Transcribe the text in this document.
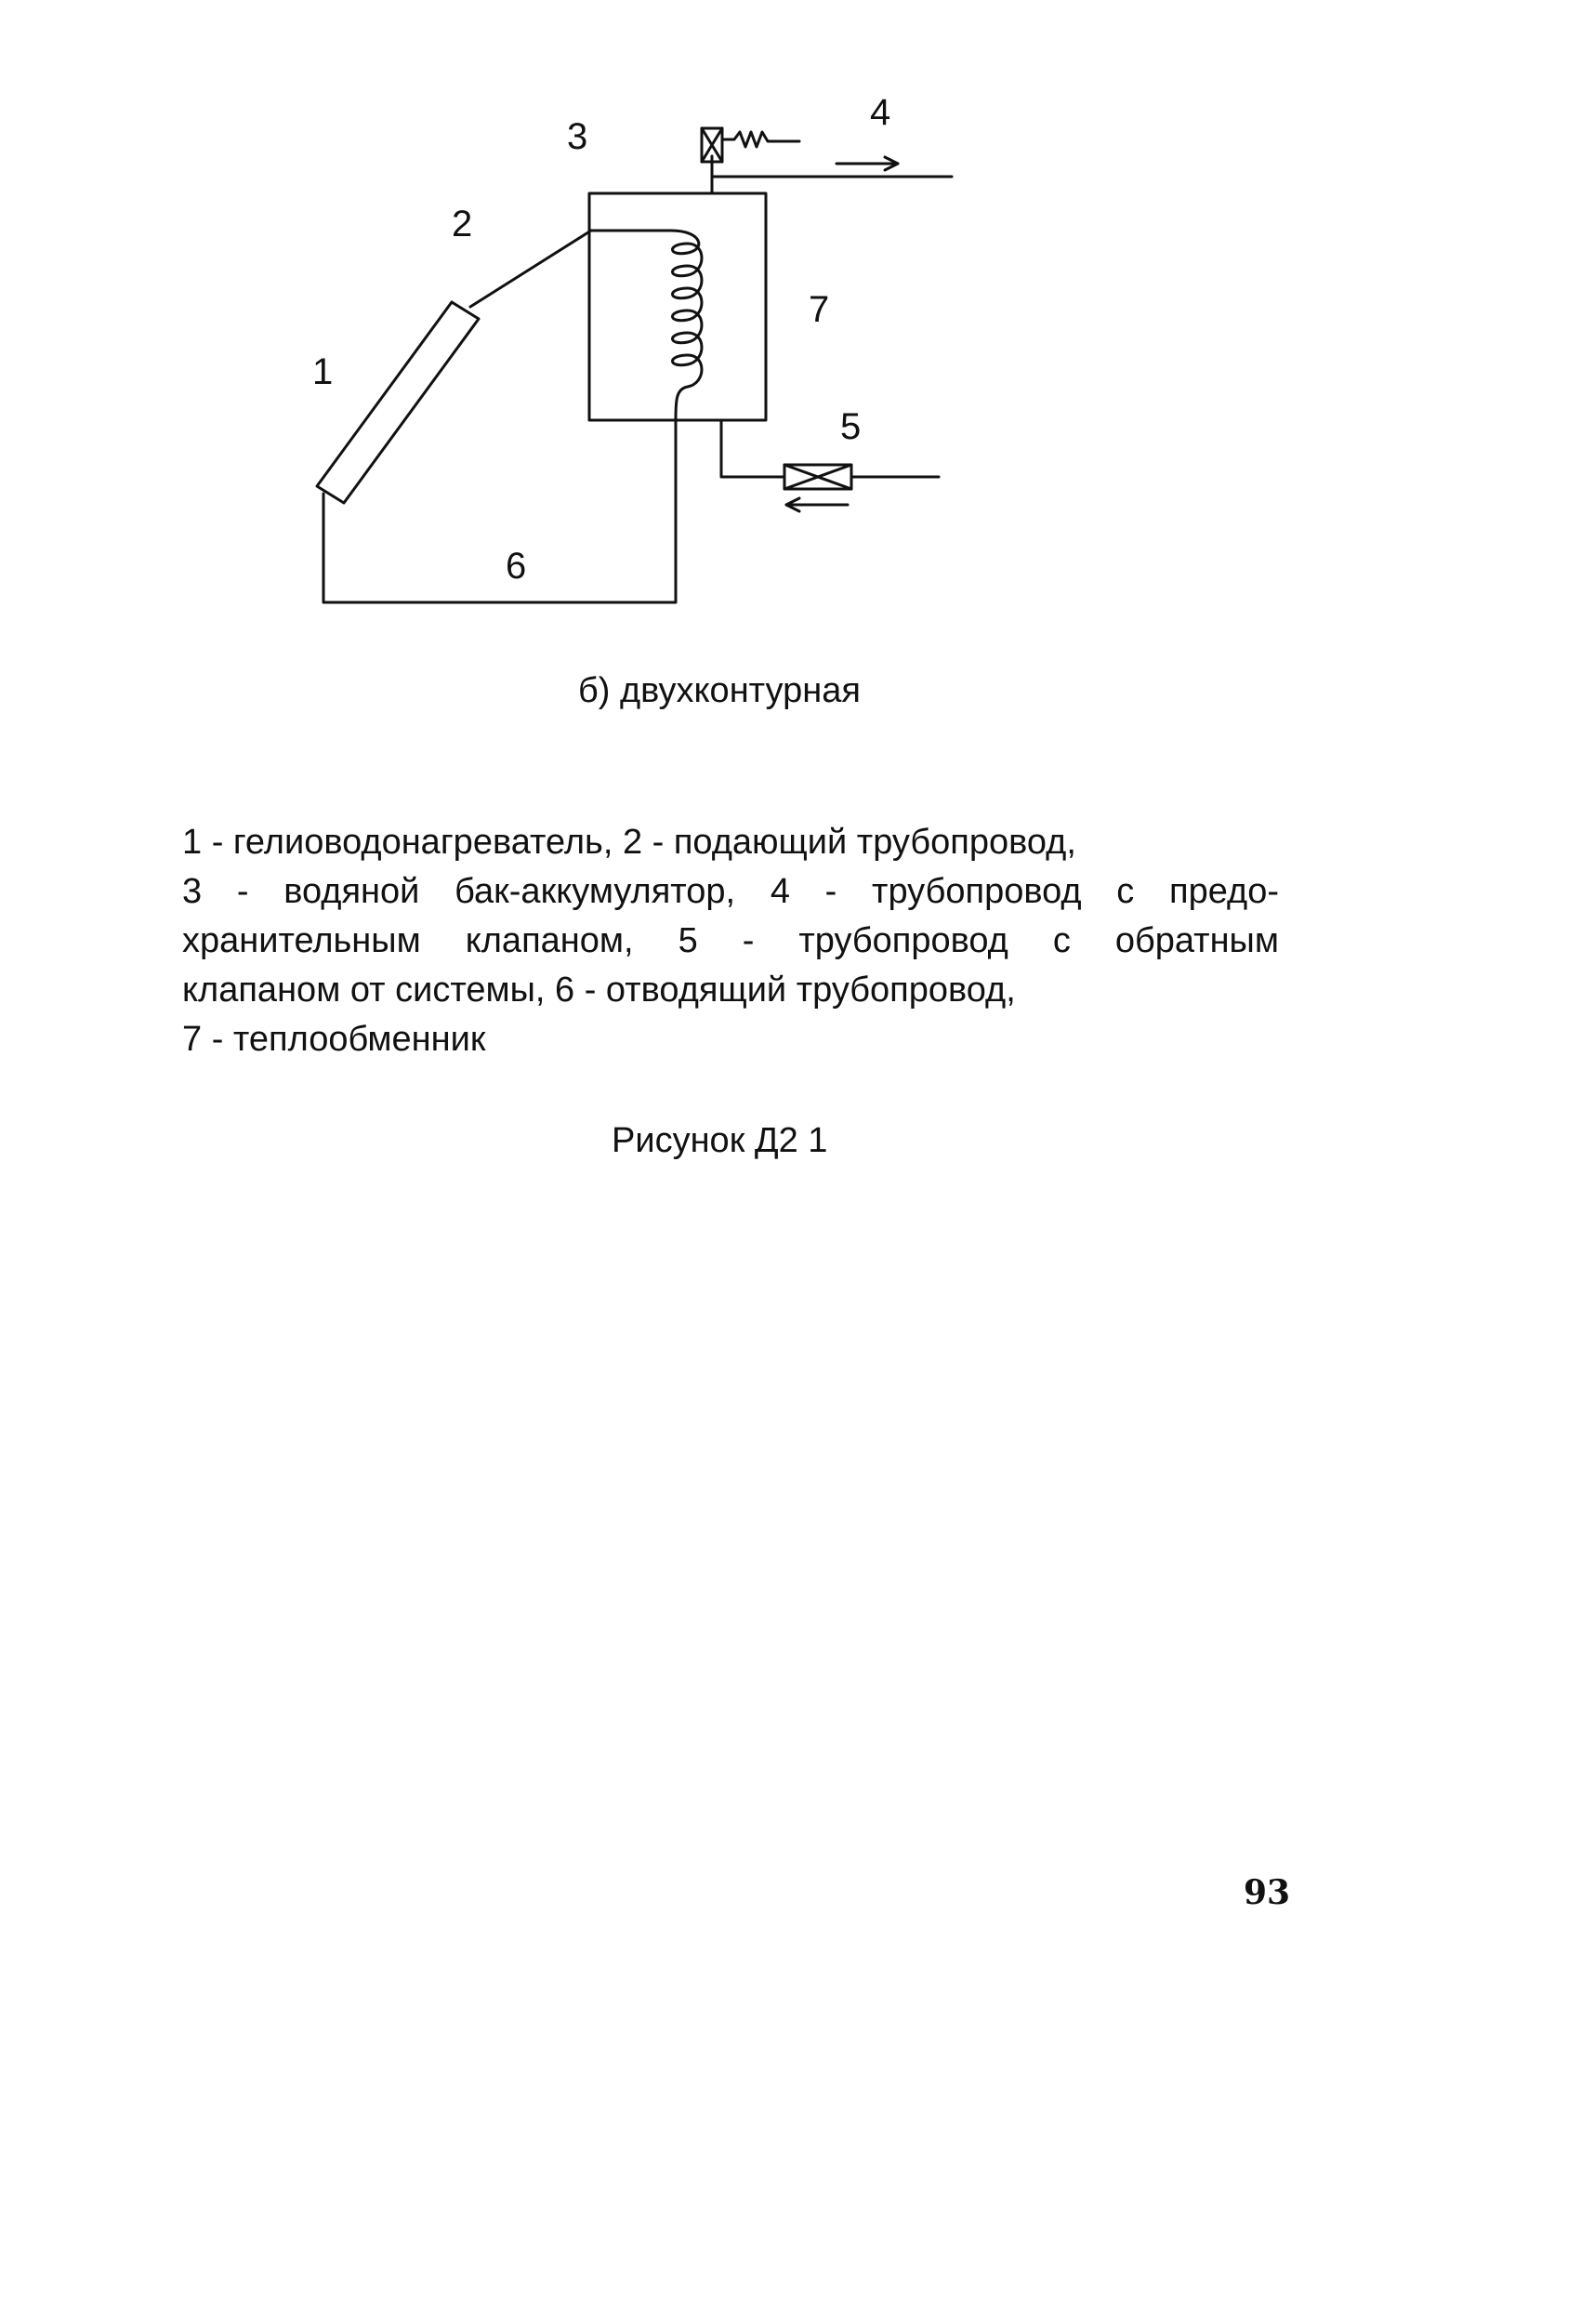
1
2
3
4
5
6
7
б) двухконтурная
1 - гелиоводонагреватель, 2 - подающий трубопровод,
3 - водяной бак-аккумулятор, 4 - трубопровод с предо-
хранительным клапаном, 5 - трубопровод с обратным
клапаном от системы, 6 - отводящий трубопровод,
7 - теплообменник
Рисунок Д2 1
93
